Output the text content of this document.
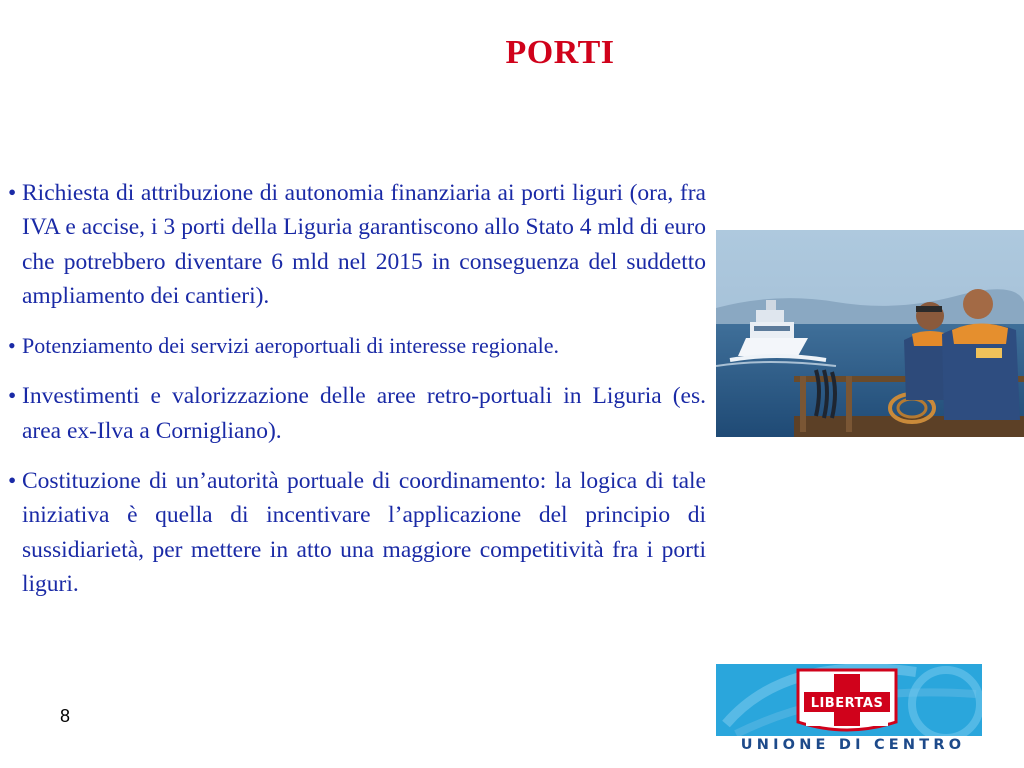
PORTI
• Richiesta di attribuzione di autonomia finanziaria ai porti liguri (ora, fra IVA e accise, i 3 porti della Liguria garantiscono allo Stato 4 mld di euro che potrebbero diventare 6 mld nel 2015 in conseguenza del suddetto ampliamento dei cantieri).
• Potenziamento dei servizi aeroportuali di interesse regionale.
• Investimenti e valorizzazione delle aree retro-portuali in Liguria (es. area ex-Ilva a Cornigliano).
• Costituzione di un’autorità portuale di coordinamento: la logica di tale iniziativa è quella di incentivare l’applicazione del principio di sussidiarietà, per mettere in atto una maggiore competitività fra i porti liguri.
8
LIBERTAS
UNIONE DI CENTRO
